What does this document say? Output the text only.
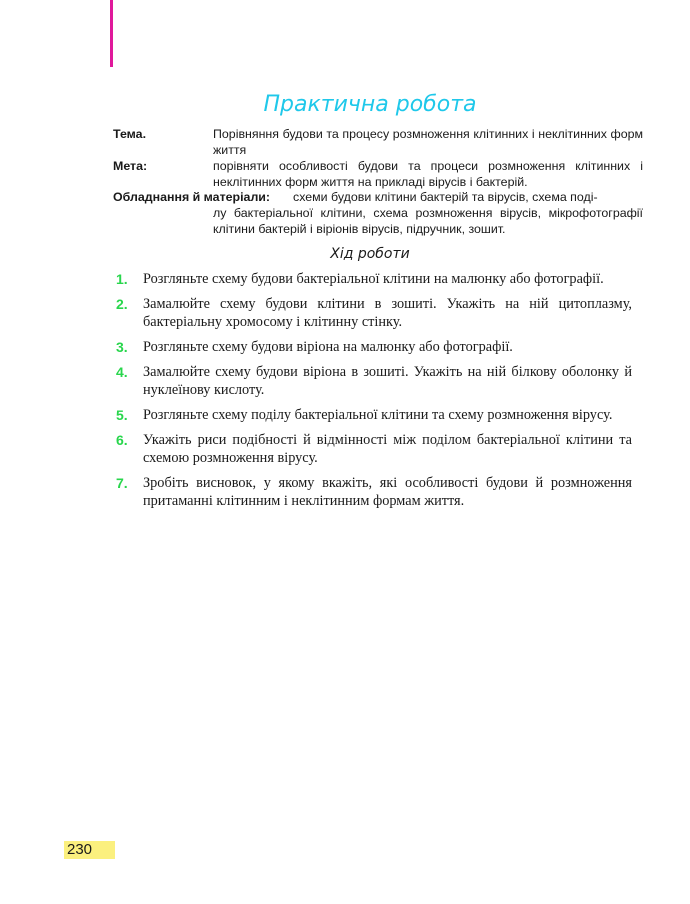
Практична робота
Тема.	Порівняння будови та процесу розмноження клітинних і неклітинних форм життя
Мета:	порівняти особливості будови та процеси розмноження клітинних і неклітинних форм життя на прикладі вірусів і бактерій.
Обладнання й матеріали:	схеми будови клітини бактерій та вірусів, схема поді-
лу бактеріальної клітини, схема розмноження вірусів, мікрофотографії клітини бактерій і віріонів вірусів, підручник, зошит.
Хід роботи
1. Розгляньте схему будови бактеріальної клітини на малюнку або фотографії.
2. Замалюйте схему будови клітини в зошиті. Укажіть на ній цитоплазму, бактеріальну хромосому і клітинну стінку.
3. Розгляньте схему будови віріона на малюнку або фотографії.
4. Замалюйте схему будови віріона в зошиті. Укажіть на ній білкову оболонку й нуклеїнову кислоту.
5. Розгляньте схему поділу бактеріальної клітини та схему розмноження вірусу.
6. Укажіть риси подібності й відмінності між поділом бактеріальної клітини та схемою розмноження вірусу.
7. Зробіть висновок, у якому вкажіть, які особливості будови й розмноження притаманні клітинним і неклітинним формам життя.
230
